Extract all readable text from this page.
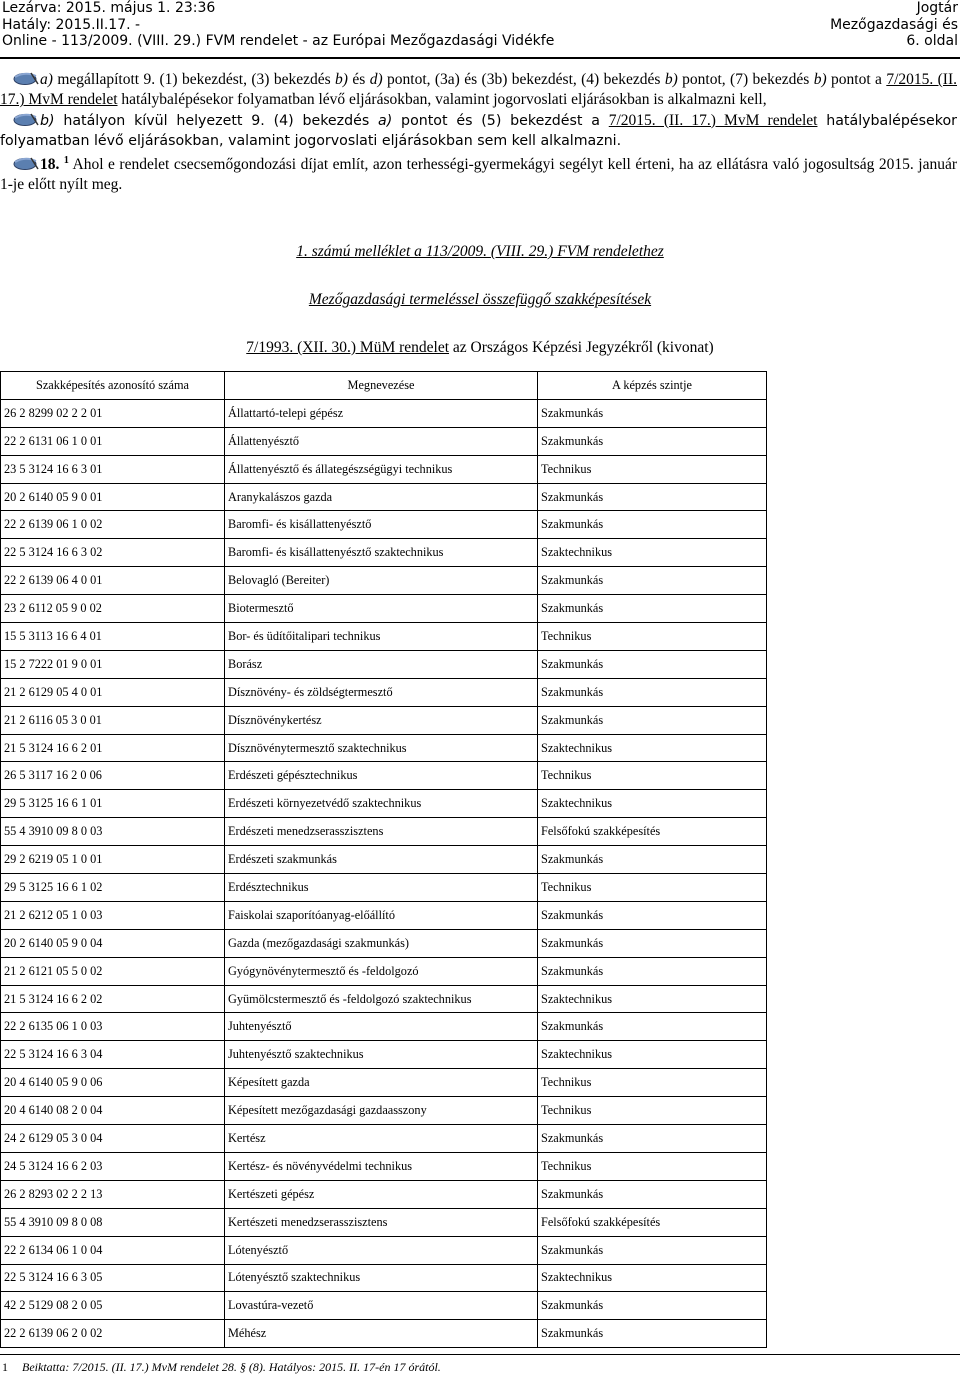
Lezárva: 2015. május 1. 23:36
Hatály: 2015.II.17. -
Online - 113/2009. (VIII. 29.) FVM rendelet - az Európai Mezőgazdasági Vidékfe
Jogtár
Mezőgazdasági és
6. oldal

a) megállapított 9. (1) bekezdést, (3) bekezdés b) és d) pontot, (3a) és (3b) bekezdést, (4) bekezdés b) pontot, (7) bekezdés b) pontot a 7/2015. (II. 17.) MvM rendelet hatálybalépésekor folyamatban lévő eljárásokban, valamint jogorvoslati eljárásokban is alkalmazni kell,

b) hatályon kívül helyezett 9. (4) bekezdés a) pontot és (5) bekezdést a 7/2015. (II. 17.) MvM rendelet hatálybalépésekor folyamatban lévő eljárásokban, valamint jogorvoslati eljárásokban sem kell alkalmazni.

18. $^1$ Ahol e rendelet csecsemőgondozási díjat említ, azon terhességi-gyermekágyi segélyt kell érteni, ha az ellátásra való jogosultság 2015. január 1-je előtt nyílt meg.

1. számú melléklet a 113/2009. (VIII. 29.) FVM rendelethez
Mezőgazdasági termeléssel összefüggő szakképesítések
7/1993. (XII. 30.) MüM rendelet az Országos Képzési Jegyzékről (kivonat)
Szakképesítés azonosító száma	Megnevezése	A képzés szintje
26 2 8299 02 2 2 01	Állattartó-telepi gépész	Szakmunkás
22 2 6131 06 1 0 01	Állattenyésztő	Szakmunkás
23 5 3124 16 6 3 01	Állattenyésztő és állategészségügyi technikus	Technikus
20 2 6140 05 9 0 01	Aranykalászos gazda	Szakmunkás
22 2 6139 06 1 0 02	Baromfi- és kisállattenyésztő	Szakmunkás
22 5 3124 16 6 3 02	Baromfi- és kisállattenyésztő szaktechnikus	Szaktechnikus
22 2 6139 06 4 0 01	Belovagló (Bereiter)	Szakmunkás
23 2 6112 05 9 0 02	Biotermesztő	Szakmunkás
15 5 3113 16 6 4 01	Bor- és üdítőitalipari technikus	Technikus
15 2 7222 01 9 0 01	Borász	Szakmunkás
21 2 6129 05 4 0 01	Dísznövény- és zöldségtermesztő	Szakmunkás
21 2 6116 05 3 0 01	Dísznövénykertész	Szakmunkás
21 5 3124 16 6 2 01	Dísznövénytermesztő szaktechnikus	Szaktechnikus
26 5 3117 16 2 0 06	Erdészeti gépésztechnikus	Technikus
29 5 3125 16 6 1 01	Erdészeti környezetvédő szaktechnikus	Szaktechnikus
55 4 3910 09 8 0 03	Erdészeti menedzserasszisztens	Felsőfokú szakképesítés
29 2 6219 05 1 0 01	Erdészeti szakmunkás	Szakmunkás
29 5 3125 16 6 1 02	Erdésztechnikus	Technikus
21 2 6212 05 1 0 03	Faiskolai szaporítóanyag-előállító	Szakmunkás
20 2 6140 05 9 0 04	Gazda (mezőgazdasági szakmunkás)	Szakmunkás
21 2 6121 05 5 0 02	Gyógynövénytermesztő és -feldolgozó	Szakmunkás
21 5 3124 16 6 2 02	Gyümölcstermesztő és -feldolgozó szaktechnikus	Szaktechnikus
22 2 6135 06 1 0 03	Juhtenyésztő	Szakmunkás
22 5 3124 16 6 3 04	Juhtenyésztő szaktechnikus	Szaktechnikus
20 4 6140 05 9 0 06	Képesített gazda	Technikus
20 4 6140 08 2 0 04	Képesített mezőgazdasági gazdaasszony	Technikus
24 2 6129 05 3 0 04	Kertész	Szakmunkás
24 5 3124 16 6 2 03	Kertész- és növényvédelmi technikus	Technikus
26 2 8293 02 2 2 13	Kertészeti gépész	Szakmunkás
55 4 3910 09 8 0 08	Kertészeti menedzserasszisztens	Felsőfokú szakképesítés
22 2 6134 06 1 0 04	Lótenyésztő	Szakmunkás
22 5 3124 16 6 3 05	Lótenyésztő szaktechnikus	Szaktechnikus
42 2 5129 08 2 0 05	Lovastúra-vezető	Szakmunkás
22 2 6139 06 2 0 02	Méhész	Szakmunkás
1 Beiktatta: 7/2015. (II. 17.) MvM rendelet 28. § (8). Hatályos: 2015. II. 17-én 17 órától.
